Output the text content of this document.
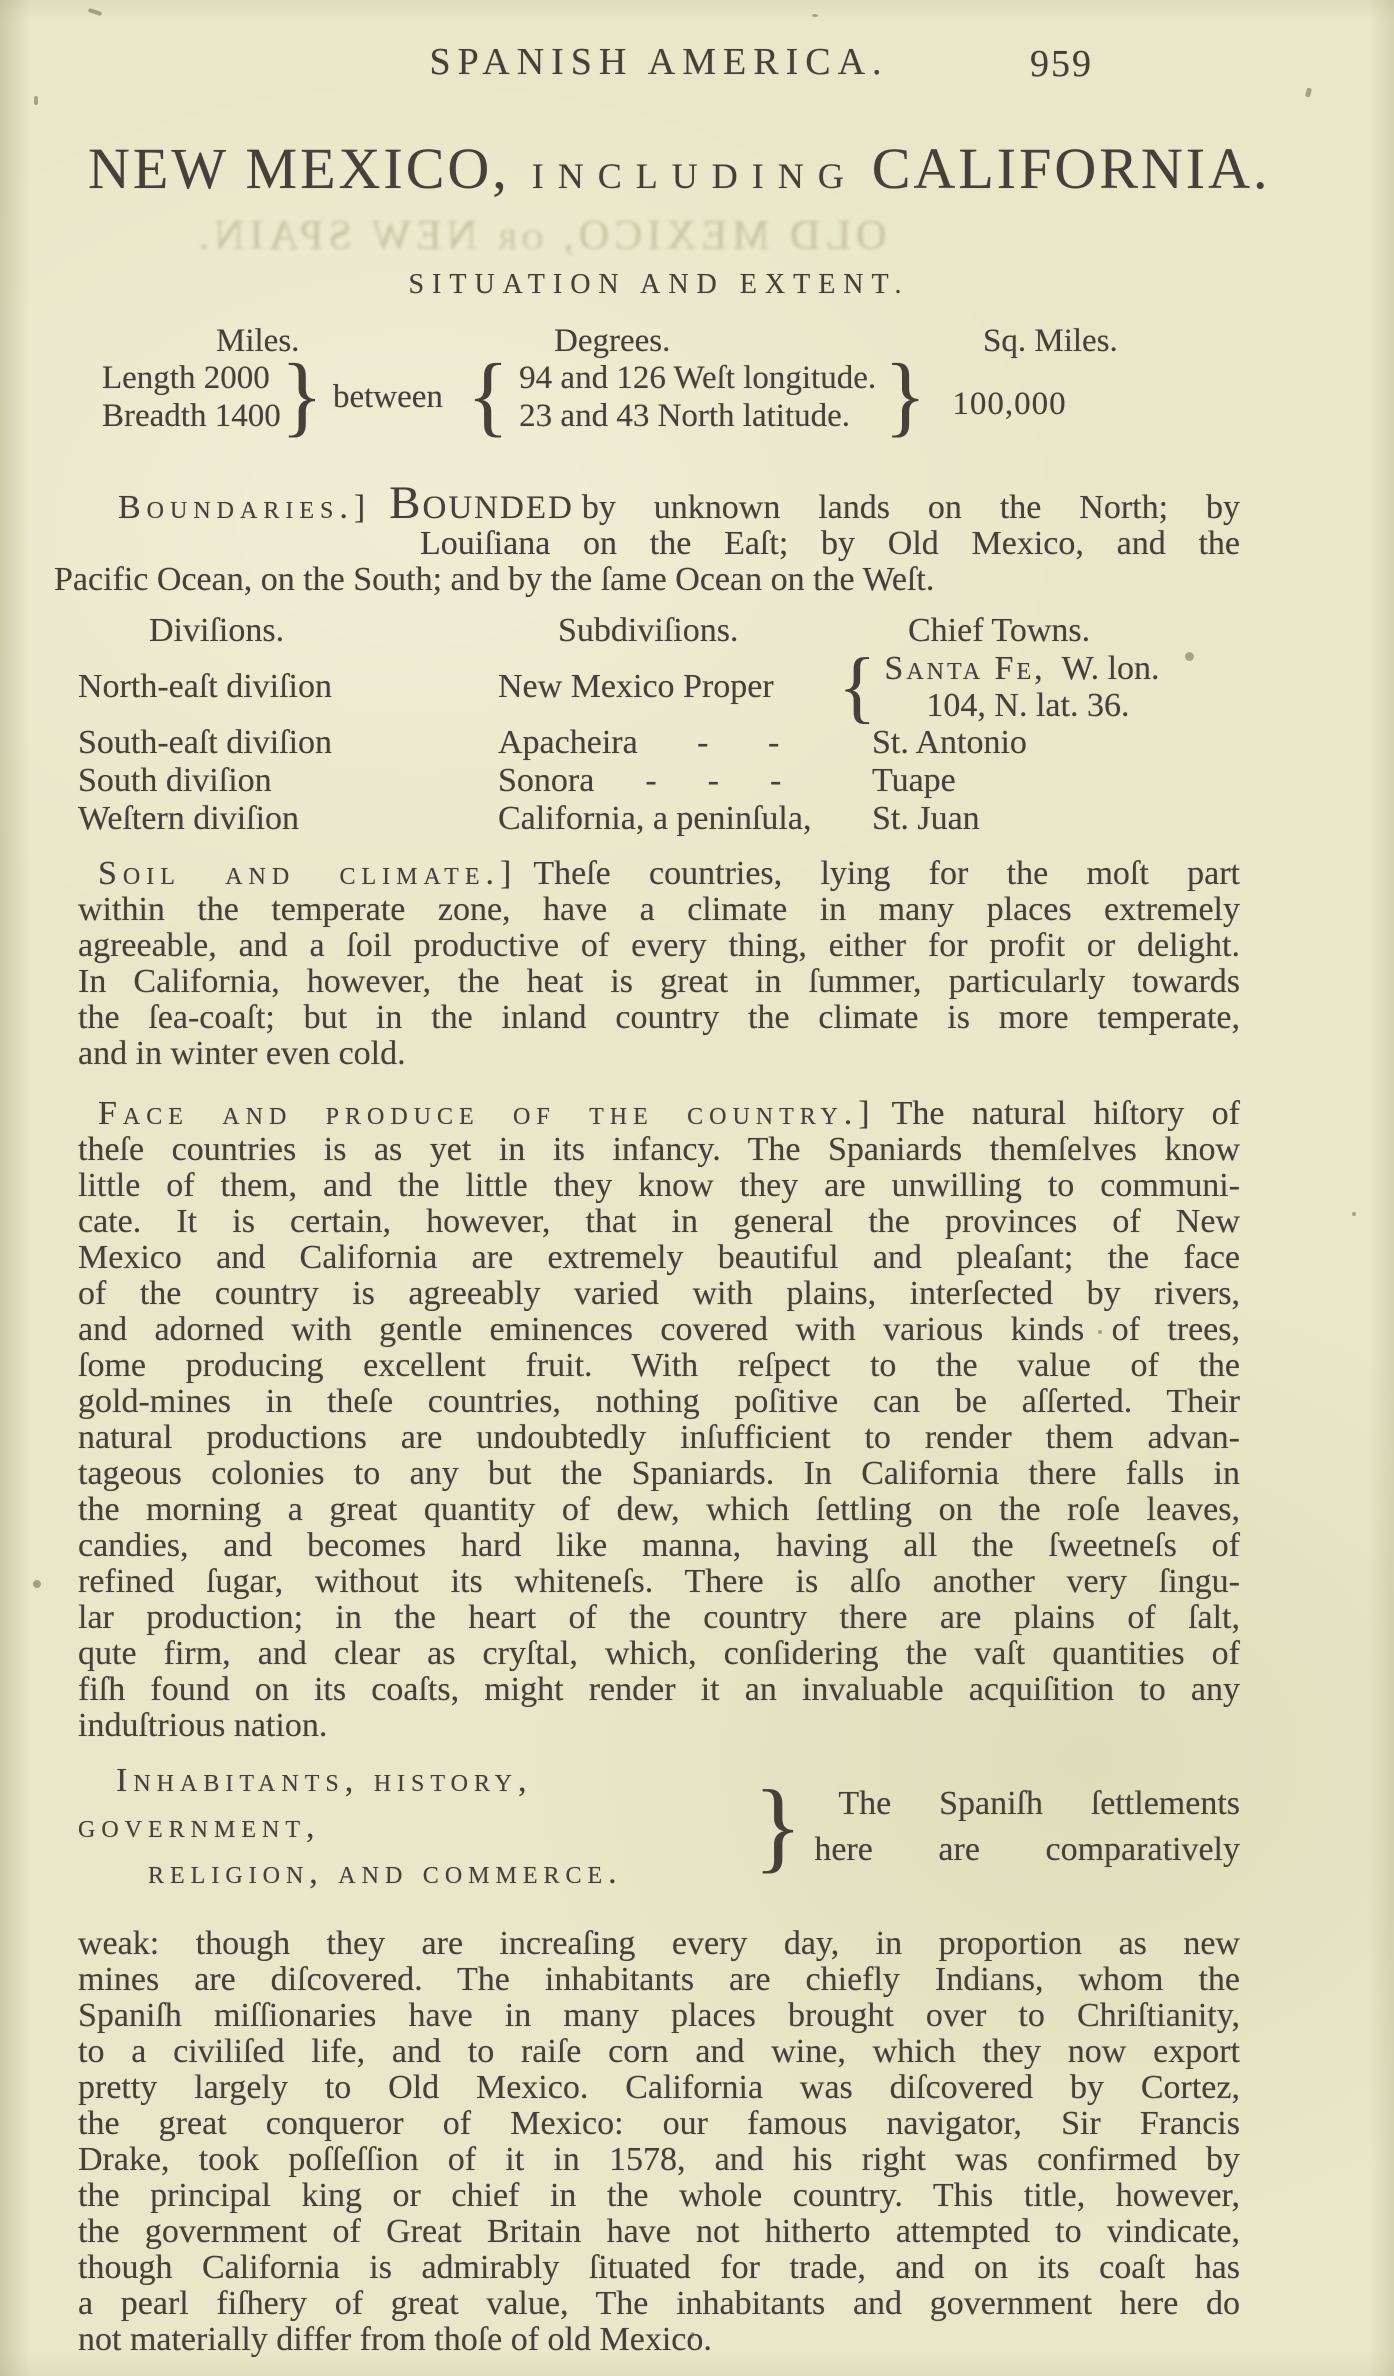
OLD MEXICO, or NEW SPAIN.
SPANISH AMERICA.	959
NEW MEXICO, INCLUDING CALIFORNIA.
SITUATION AND EXTENT.
Miles.	Degrees.	Sq. Miles.
Length 2000
Breadth 1400 } between { 94 and 126 Weſt longitude.
23 and 43 North latitude. } 100,000
Boundaries.] Bounded by unknown lands on the North; by
Louiſiana on the Eaſt; by Old Mexico, and the
Pacific Ocean, on the South; and by the ſame Ocean on the Weſt.
Diviſions.	Subdiviſions.	Chief Towns.
North-eaſt diviſion	New Mexico Proper { Santa Fe, W. lon.
104, N. lat. 36.
South-eaſt diviſion	Apacheira       -       -	St. Antonio
South diviſion	Sonora      -      -      -	Tuape
Weſtern diviſion	California, a peninſula,	St. Juan
Soil and climate.] Theſe countries, lying for the moſt part
within the temperate zone, have a climate in many places extremely
agreeable, and a ſoil productive of every thing, either for profit or delight.
In California, however, the heat is great in ſummer, particularly towards
the ſea-coaſt; but in the inland country the climate is more temperate,
and in winter even cold.
Face and produce of the country.] The natural hiſtory of
theſe countries is as yet in its infancy. The Spaniards themſelves know
little of them, and the little they know they are unwilling to communi-
cate. It is certain, however, that in general the provinces of New
Mexico and California are extremely beautiful and pleaſant; the face
of the country is agreeably varied with plains, interſected by rivers,
and adorned with gentle eminences covered with various kinds of trees,
ſome producing excellent fruit. With reſpect to the value of the
gold-mines in theſe countries, nothing poſitive can be aſſerted. Their
natural productions are undoubtedly inſufficient to render them advan-
tageous colonies to any but the Spaniards. In California there falls in
the morning a great quantity of dew, which ſettling on the roſe leaves,
candies, and becomes hard like manna, having all the ſweetneſs of
refined ſugar, without its whiteneſs. There is alſo another very ſingu-
lar production; in the heart of the country there are plains of ſalt,
qute firm, and clear as cryſtal, which, conſidering the vaſt quantities of
fiſh found on its coaſts, might render it an invaluable acquiſition to any
induſtrious nation.
Inhabitants, history, government,
religion, and commerce.	}	The Spaniſh ſettlements
here are comparatively
weak: though they are increaſing every day, in proportion as new
mines are diſcovered. The inhabitants are chiefly Indians, whom the
Spaniſh miſſionaries have in many places brought over to Chriſtianity,
to a civiliſed life, and to raiſe corn and wine, which they now export
pretty largely to Old Mexico. California was diſcovered by Cortez,
the great conqueror of Mexico: our famous navigator, Sir Francis
Drake, took poſſeſſion of it in 1578, and his right was confirmed by
the principal king or chief in the whole country. This title, however,
the government of Great Britain have not hitherto attempted to vindicate,
though California is admirably ſituated for trade, and on its coaſt has
a pearl fiſhery of great value, The inhabitants and government here do
not materially differ from thoſe of old Mexico.
